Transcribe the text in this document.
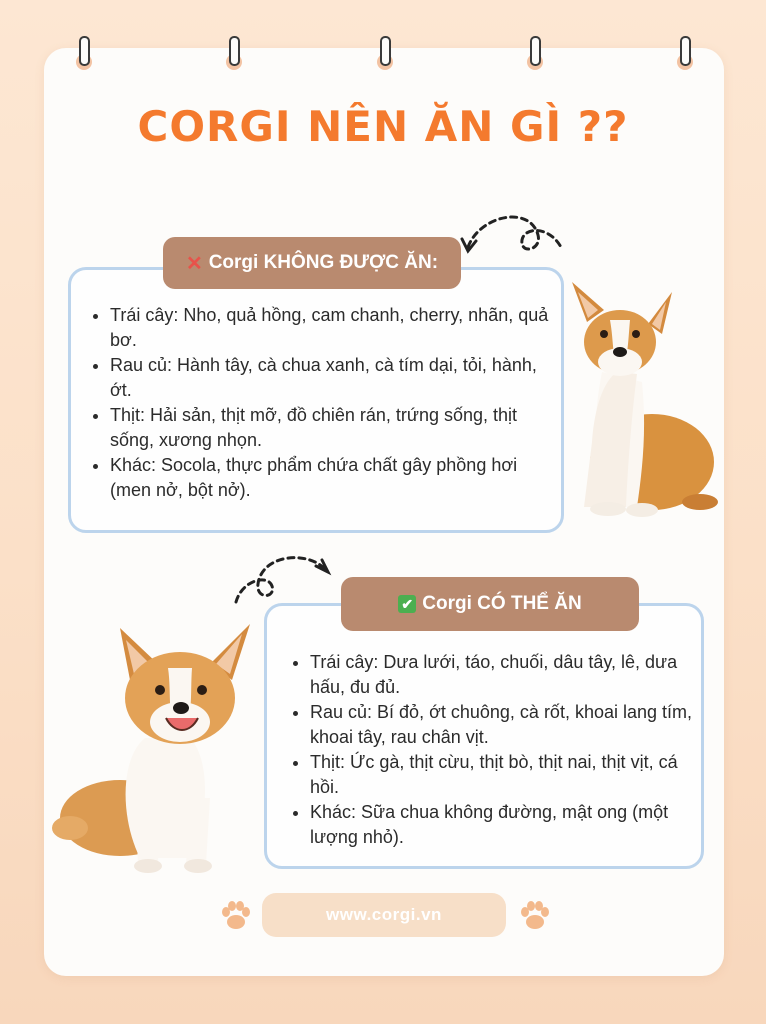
CORGI NÊN ĂN GÌ ??
✕ Corgi KHÔNG ĐƯỢC ĂN:
• Trái cây: Nho, quả hồng, cam chanh, cherry, nhãn, quả bơ.
• Rau củ: Hành tây, cà chua xanh, cà tím dại, tỏi, hành, ớt.
• Thịt: Hải sản, thịt mỡ, đồ chiên rán, trứng sống, thịt sống, xương nhọn.
• Khác: Socola, thực phẩm chứa chất gây phồng hơi (men nở, bột nở).
✔ Corgi CÓ THỂ ĂN
• Trái cây: Dưa lưới, táo, chuối, dâu tây, lê, dưa hấu, đu đủ.
• Rau củ: Bí đỏ, ớt chuông, cà rốt, khoai lang tím, khoai tây, rau chân vịt.
• Thịt: Ức gà, thịt cừu, thịt bò, thịt nai, thịt vịt, cá hồi.
• Khác: Sữa chua không đường, mật ong (một lượng nhỏ).
www.corgi.vn
